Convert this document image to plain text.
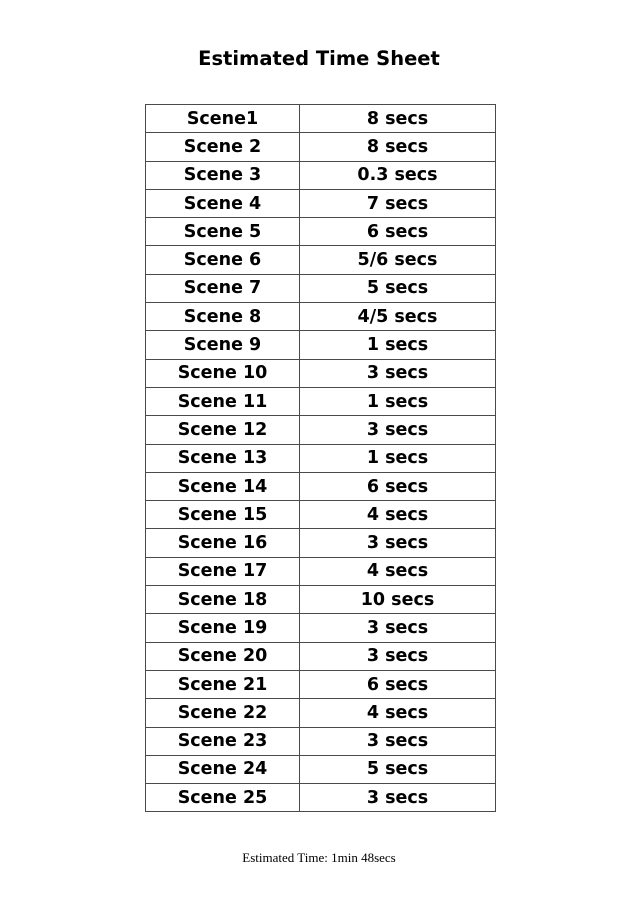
Estimated Time Sheet
Scene1	8 secs
Scene 2	8 secs
Scene 3	0.3 secs
Scene 4	7 secs
Scene 5	6 secs
Scene 6	5/6 secs
Scene 7	5 secs
Scene 8	4/5 secs
Scene 9	1 secs
Scene 10	3 secs
Scene 11	1 secs
Scene 12	3 secs
Scene 13	1 secs
Scene 14	6 secs
Scene 15	4 secs
Scene 16	3 secs
Scene 17	4 secs
Scene 18	10 secs
Scene 19	3 secs
Scene 20	3 secs
Scene 21	6 secs
Scene 22	4 secs
Scene 23	3 secs
Scene 24	5 secs
Scene 25	3 secs

Estimated Time: 1min 48secs
